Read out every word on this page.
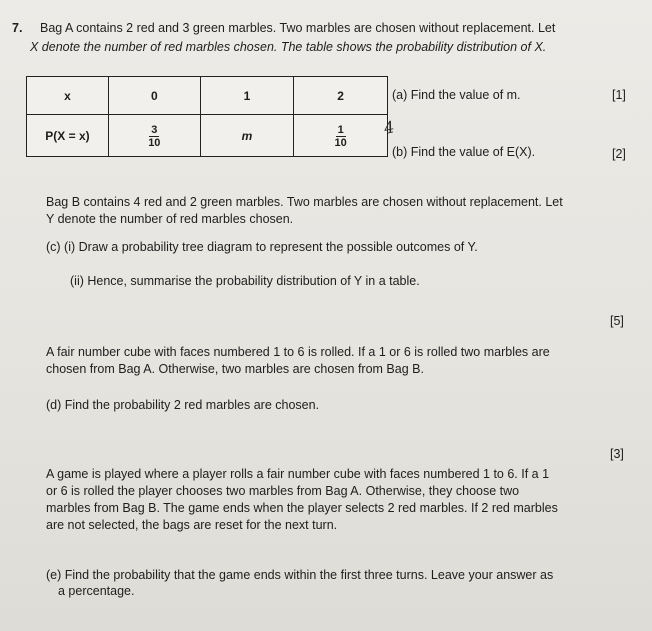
7. Bag A contains 2 red and 3 green marbles. Two marbles are chosen without replacement. Let
X denote the number of red marbles chosen. The table shows the probability distribution of X.
x	0	1	2
P(X = x)	$\frac{3}{10}$	m	$\frac{1}{10}$
(a) Find the value of m.	[1]
4
(b) Find the value of E(X).	[2]
Bag B contains 4 red and 2 green marbles. Two marbles are chosen without replacement. Let
Y denote the number of red marbles chosen.
(c) (i) Draw a probability tree diagram to represent the possible outcomes of Y.
(ii) Hence, summarise the probability distribution of Y in a table.
[5]
A fair number cube with faces numbered 1 to 6 is rolled. If a 1 or 6 is rolled two marbles are
chosen from Bag A. Otherwise, two marbles are chosen from Bag B.
(d) Find the probability 2 red marbles are chosen.
[3]
A game is played where a player rolls a fair number cube with faces numbered 1 to 6. If a 1
or 6 is rolled the player chooses two marbles from Bag A. Otherwise, they choose two
marbles from Bag B. The game ends when the player selects 2 red marbles. If 2 red marbles
are not selected, the bags are reset for the next turn.
(e) Find the probability that the game ends within the first three turns. Leave your answer as
a percentage.
